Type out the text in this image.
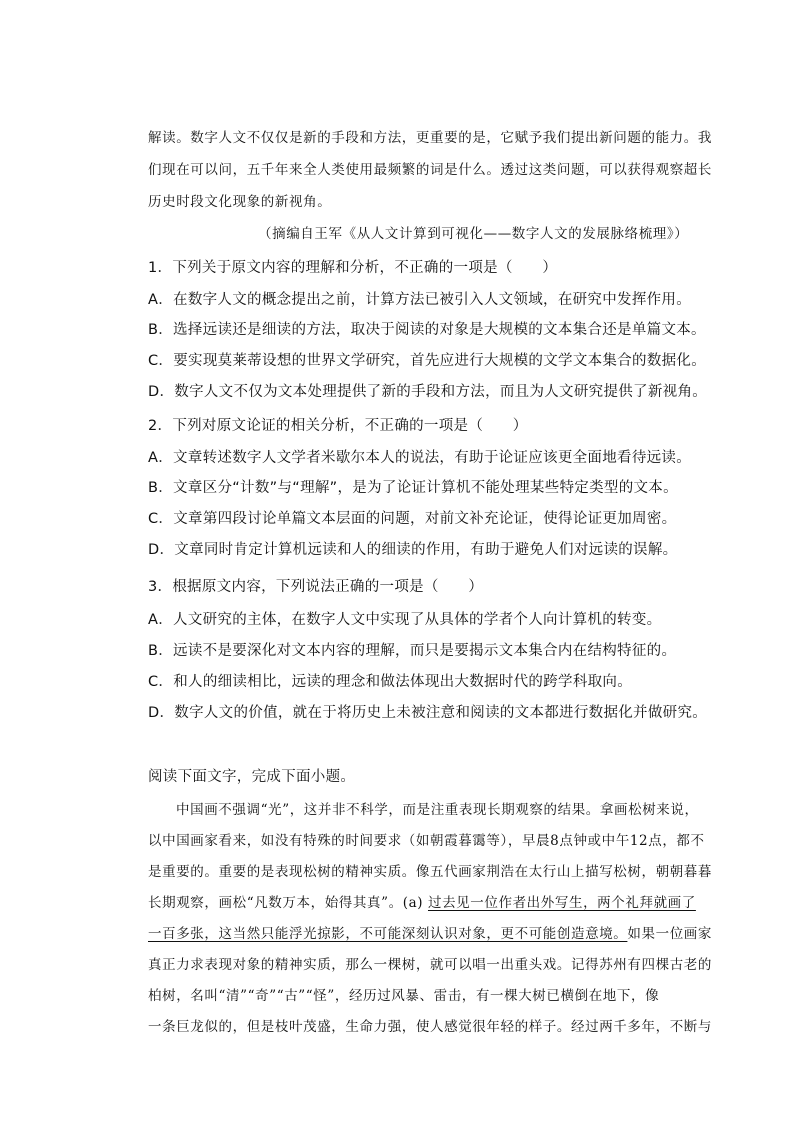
解读。数字人文不仅仅是新的手段和方法，更重要的是，它赋予我们提出新问题的能力。我
们现在可以问，五千年来全人类使用最频繁的词是什么。透过这类问题，可以获得观察超长
历史时段文化现象的新视角。
（摘编自王军《从人文计算到可视化——数字人文的发展脉络梳理》）
1．下列关于原文内容的理解和分析，不正确的一项是（　　）
A．在数字人文的概念提出之前，计算方法已被引入人文领域，在研究中发挥作用。
B．选择远读还是细读的方法，取决于阅读的对象是大规模的文本集合还是单篇文本。
C．要实现莫莱蒂设想的世界文学研究，首先应进行大规模的文学文本集合的数据化。
D．数字人文不仅为文本处理提供了新的手段和方法，而且为人文研究提供了新视角。
2．下列对原文论证的相关分析，不正确的一项是（　　）
A．文章转述数字人文学者米歇尔本人的说法，有助于论证应该更全面地看待远读。
B．文章区分“计数”与“理解”，是为了论证计算机不能处理某些特定类型的文本。
C．文章第四段讨论单篇文本层面的问题，对前文补充论证，使得论证更加周密。
D．文章同时肯定计算机远读和人的细读的作用，有助于避免人们对远读的误解。
3．根据原文内容，下列说法正确的一项是（　　）
A．人文研究的主体，在数字人文中实现了从具体的学者个人向计算机的转变。
B．远读不是要深化对文本内容的理解，而只是要揭示文本集合内在结构特征的。
C．和人的细读相比，远读的理念和做法体现出大数据时代的跨学科取向。
D．数字人文的价值，就在于将历史上未被注意和阅读的文本都进行数据化并做研究。
阅读下面文字，完成下面小题。
中国画不强调“光”，这并非不科学，而是注重表现长期观察的结果。拿画松树来说，
以中国画家看来，如没有特殊的时间要求（如朝霞暮霭等），早晨8点钟或中午12点，都不
是重要的。重要的是表现松树的精神实质。像五代画家荆浩在太行山上描写松树，朝朝暮暮
长期观察，画松“凡数万本，始得其真”。(a) 过去见一位作者出外写生，两个礼拜就画了
一百多张，这当然只能浮光掠影，不可能深刻认识对象，更不可能创造意境。如果一位画家
真正力求表现对象的精神实质，那么一棵树，就可以唱一出重头戏。记得苏州有四棵古老的
柏树，名叫“清”“奇”“古”“怪”，经历过风暴、雷击，有一棵大树已横倒在地下，像
一条巨龙似的，但是枝叶茂盛，生命力强，使人感觉很年轻的样子。经过两千多年，不断与
